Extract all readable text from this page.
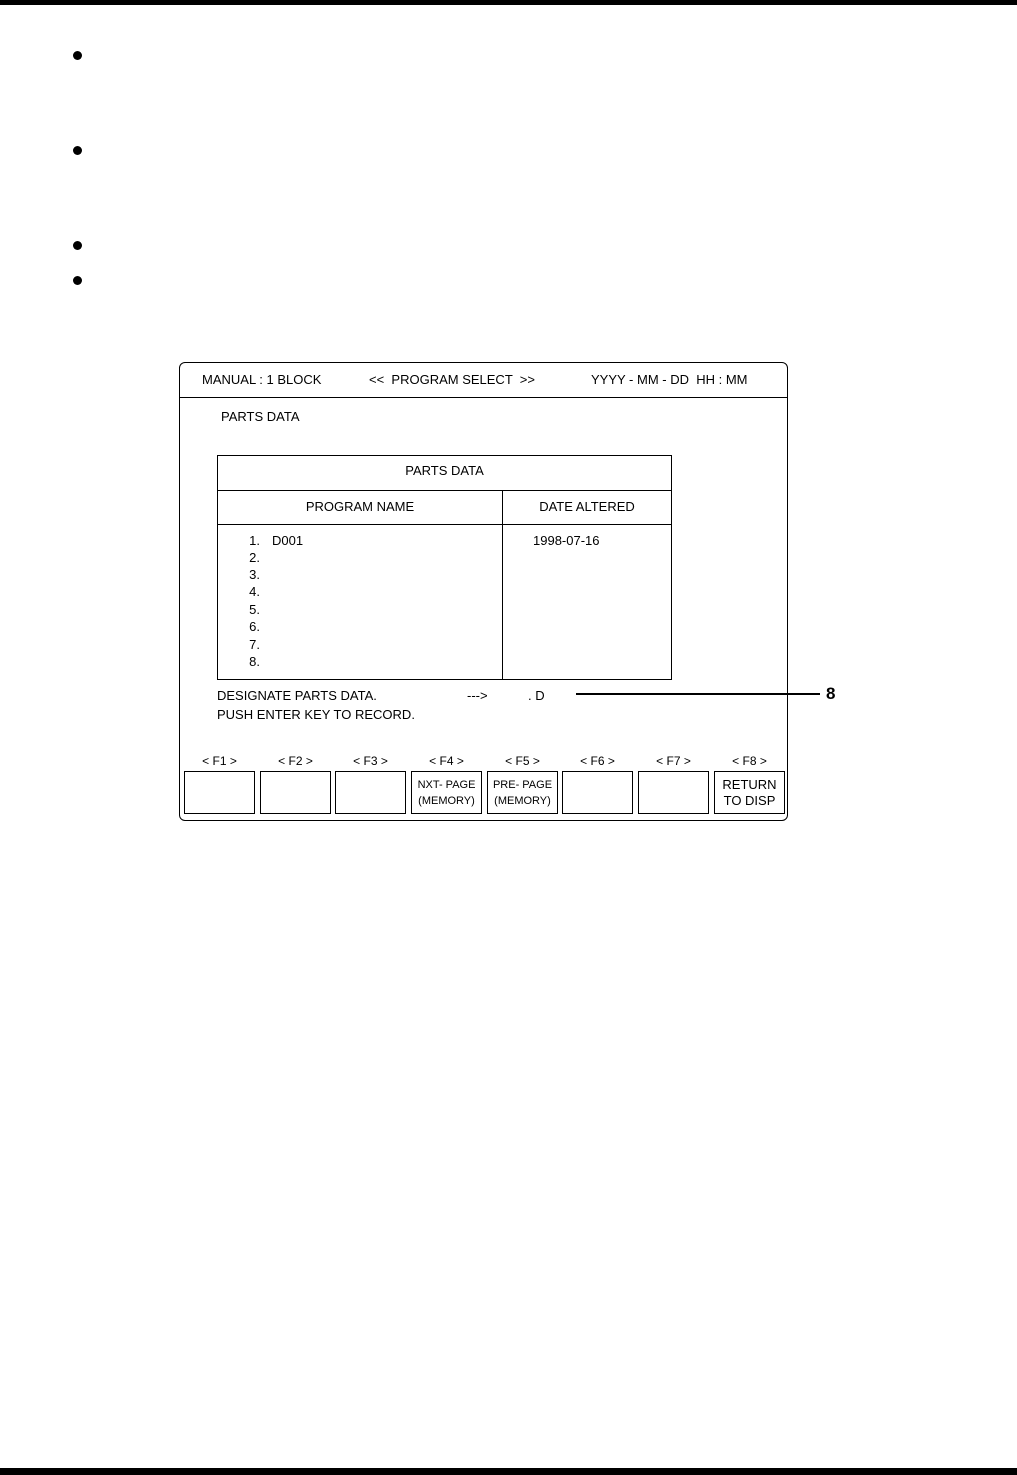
MANUAL : 1 BLOCK	<<  PROGRAM SELECT  >>	YYYY - MM - DD  HH : MM
PARTS DATA
PARTS DATA
PROGRAM NAME	DATE ALTERED
1. D001	1998-07-16
2.
3.
4.
5.
6.
7.
8.
DESIGNATE PARTS DATA.	--->	. D
PUSH ENTER KEY TO RECORD.
< F1 >	< F2 >	< F3 >	< F4 >	< F5 >	< F6 >	< F7 >	< F8 >
NXT- PAGE
(MEMORY)
PRE- PAGE
(MEMORY)
RETURN
TO DISP
8
